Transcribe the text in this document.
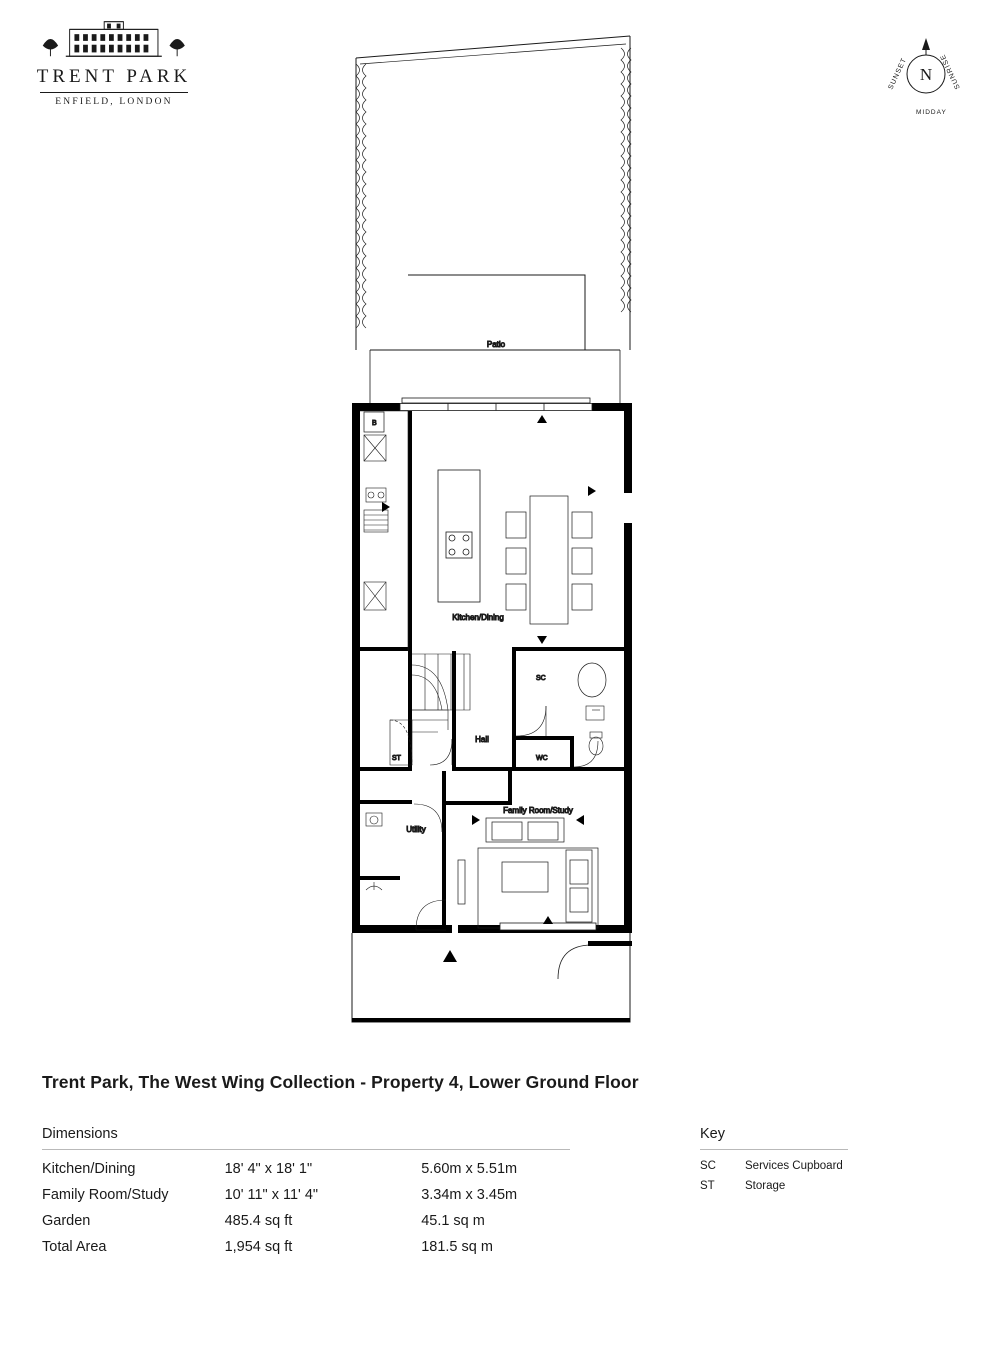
TRENT PARK
ENFIELD, LONDON
N
SUNSET	SUNRISE
MIDDAY
Patio
B
Kitchen/Dining
ST
Hall
SC
WC
Utility
Family Room/Study
Trent Park, The West Wing Collection - Property 4, Lower Ground Floor
Dimensions
Kitchen/Dining	18' 4" x 18' 1"	5.60m x 5.51m
Family Room/Study	10' 11" x 11' 4"	3.34m x 3.45m
Garden	485.4 sq ft	45.1 sq m
Total Area	1,954 sq ft	181.5 sq m
Key
SC	Services Cupboard
ST	Storage
